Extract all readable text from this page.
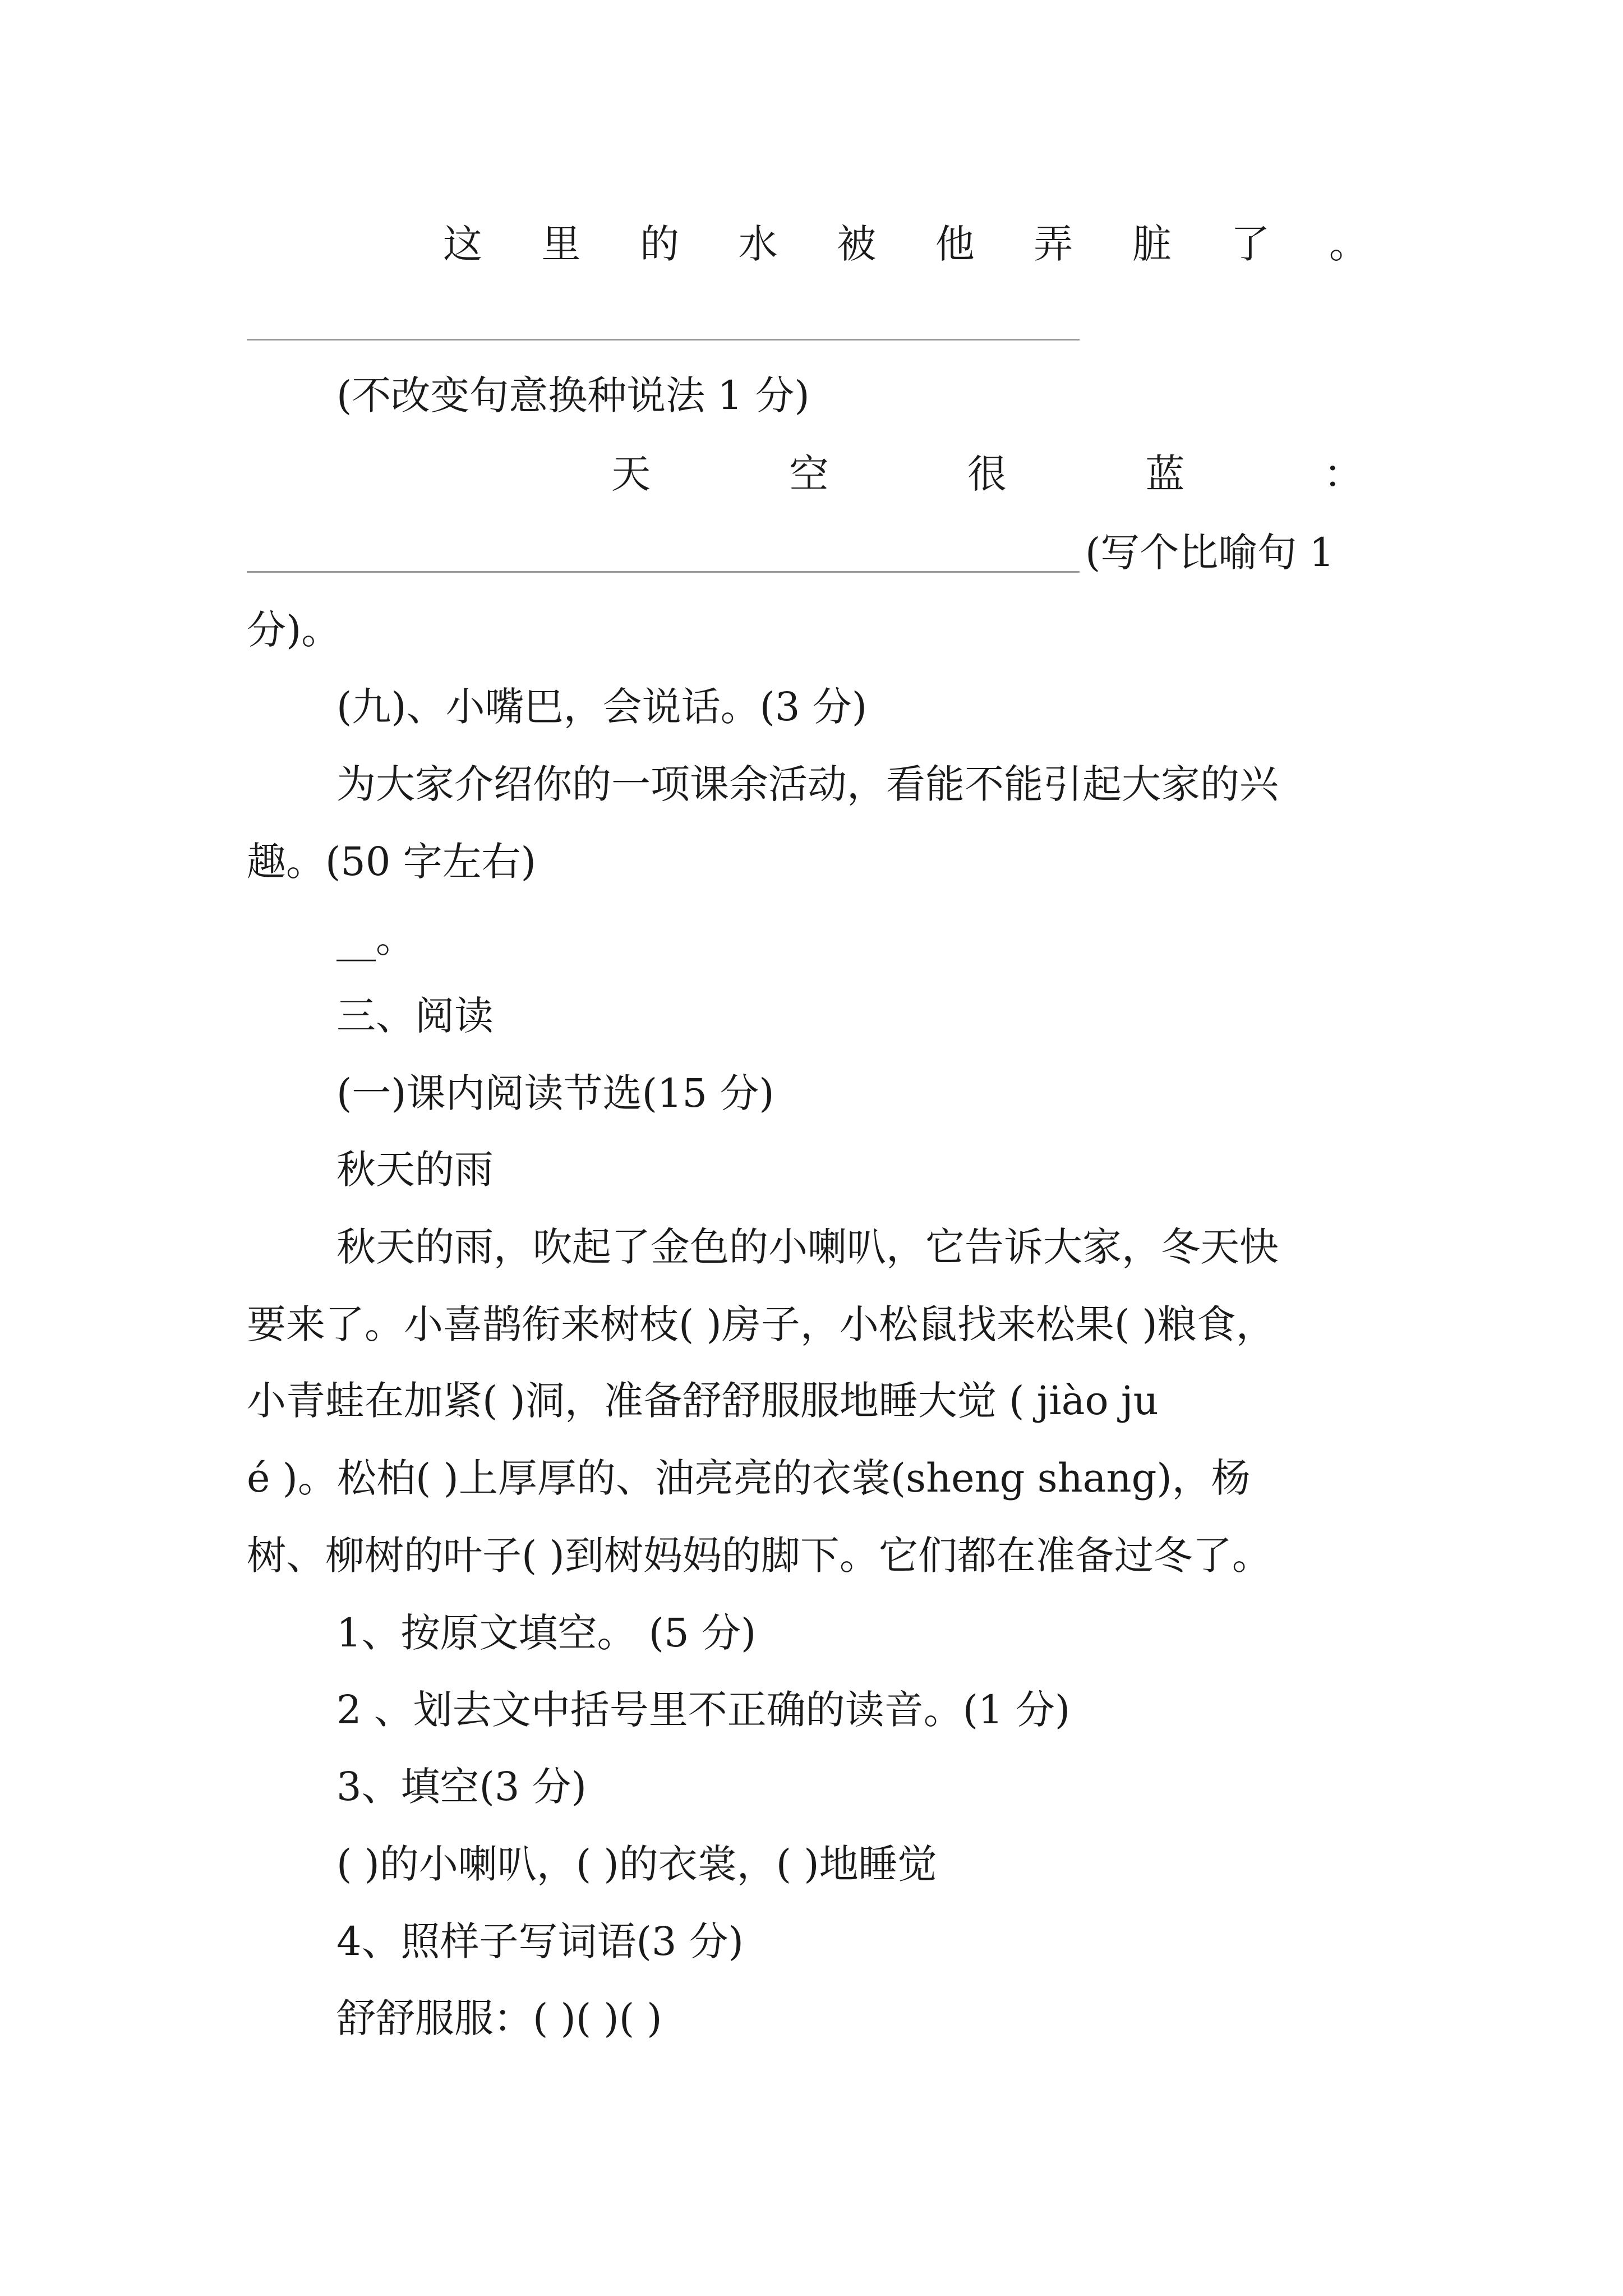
这 里 的 水 被 他 弄 脏 了 。
(不改变句意换种说法 1 分)
天	空	很	蓝	：
(写个比喻句 1
分)。
(九)、小嘴巴，会说话。(3 分)
为大家介绍你的一项课余活动，看能不能引起大家的兴
趣。(50 字左右)
__。
三、阅读
(一)课内阅读节选(15 分)
秋天的雨
秋天的雨，吹起了金色的小喇叭，它告诉大家，冬天快
要来了。小喜鹊衔来树枝( )房子，小松鼠找来松果( )粮食，
小青蛙在加紧( )洞，准备舒舒服服地睡大觉 ( jiào ju
é )。松柏( )上厚厚的、油亮亮的衣裳(sheng shang)，杨
树、柳树的叶子( )到树妈妈的脚下。它们都在准备过冬了。
1、按原文填空。 (5 分)
2 、划去文中括号里不正确的读音。(1 分)
3、填空(3 分)
( )的小喇叭，( )的衣裳，( )地睡觉
4、照样子写词语(3 分)
舒舒服服：( )( )( )
